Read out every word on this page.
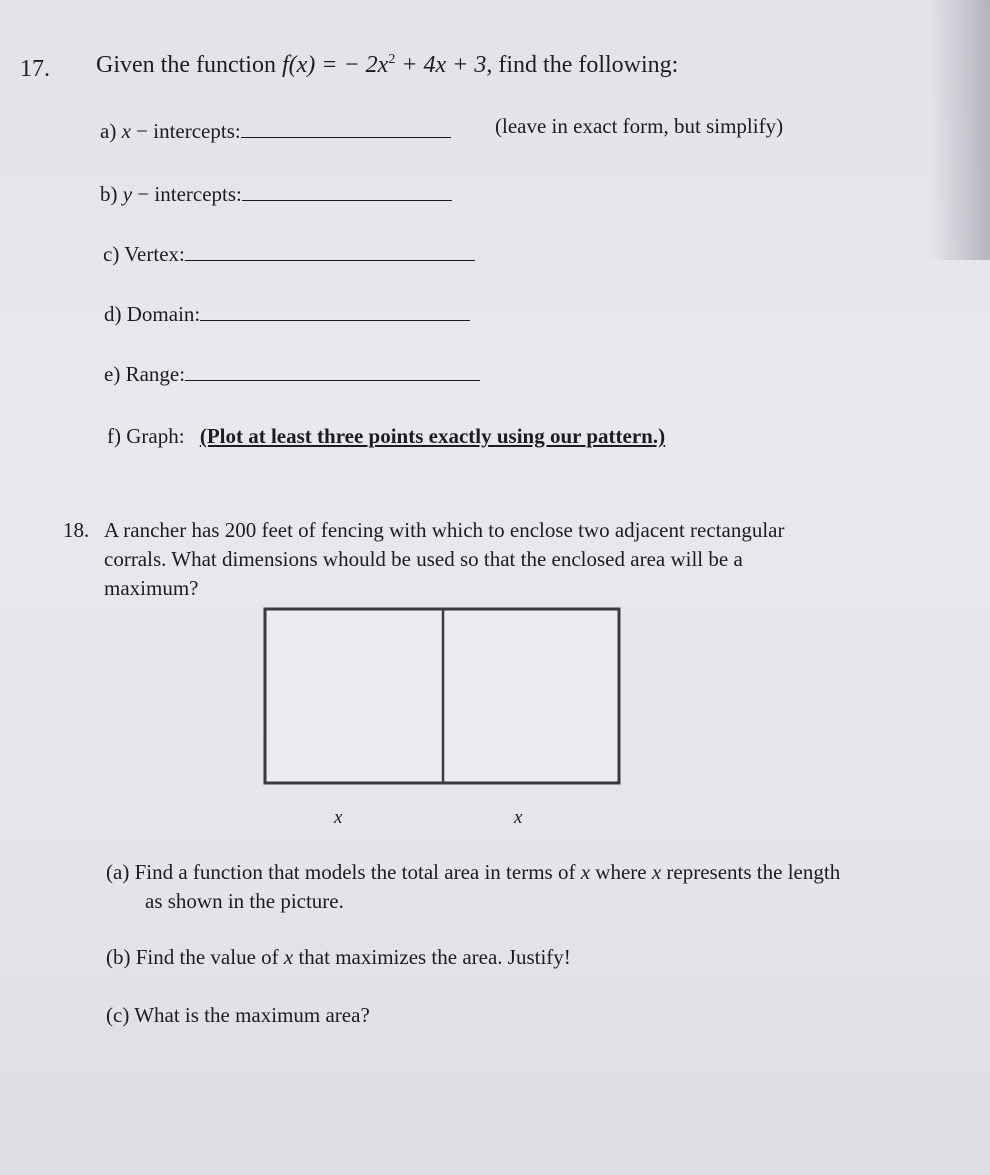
17. Given the function f(x) = − $2x^2 + 4x + 3$, find the following:
a) x − intercepts:	(leave in exact form, but simplify)
b) y − intercepts:
c) Vertex:
d) Domain:
e) Range:
f) Graph: (Plot at least three points exactly using our pattern.)
18. A rancher has 200 feet of fencing with which to enclose two adjacent rectangular
corrals. What dimensions whould be used so that the enclosed area will be a
maximum?
x	x
(a) Find a function that models the total area in terms of x where x represents the length
as shown in the picture.
(b) Find the value of x that maximizes the area. Justify!
(c) What is the maximum area?
